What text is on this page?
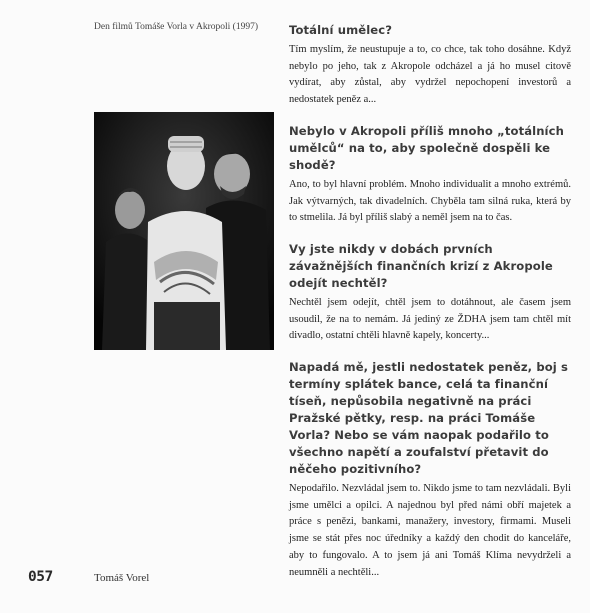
Den filmů Tomáše Vorla v Akropoli (1997)	Totální umělec?

Tím myslím, že neustupuje a to, co chce, tak toho dosáhne. Když nebylo po jeho, tak z Akropole odcházel a já ho musel citově vydírat, aby zůstal, aby vydržel nepochopení investorů a nedostatek peněz a...

Nebylo v Akropoli příliš mnoho „totálních umělců“ na to, aby společně dospěli ke shodě?

Ano, to byl hlavní problém. Mnoho individualit a mnoho extrémů. Jak výtvarných, tak divadelních. Chyběla tam silná ruka, která by to stmelila. Já byl příliš slabý a neměl jsem na to čas.

Vy jste nikdy v dobách prvních závažnějších finančních krizí z Akropole odejít nechtěl?

Nechtěl jsem odejít, chtěl jsem to dotáhnout, ale časem jsem usoudil, že na to nemám. Já jediný ze ŽDHA jsem tam chtěl mít divadlo, ostatní chtěli hlavně kapely, koncerty...

Napadá mě, jestli nedostatek peněz, boj s termíny splátek bance, celá ta finanční tíseň, nepůsobila negativně na práci Pražské pětky, resp. na práci Tomáše Vorla? Nebo se vám naopak podařilo to všechno napětí a zoufalství přetavit do něčeho pozitivního?

Nepodařilo. Nezvládal jsem to. Nikdo jsme to tam nezvládali. Byli jsme umělci a opilci. A najednou byl před námi obří majetek a práce s penězi, bankami, manažery, investory, firmami. Museli jsme se stát přes noc úředníky a každý den chodit do kanceláře, aby to fungovalo. A to jsem já ani Tomáš Klíma nevydrželi a neumněli a nechtěli...

057	Tomáš Vorel
